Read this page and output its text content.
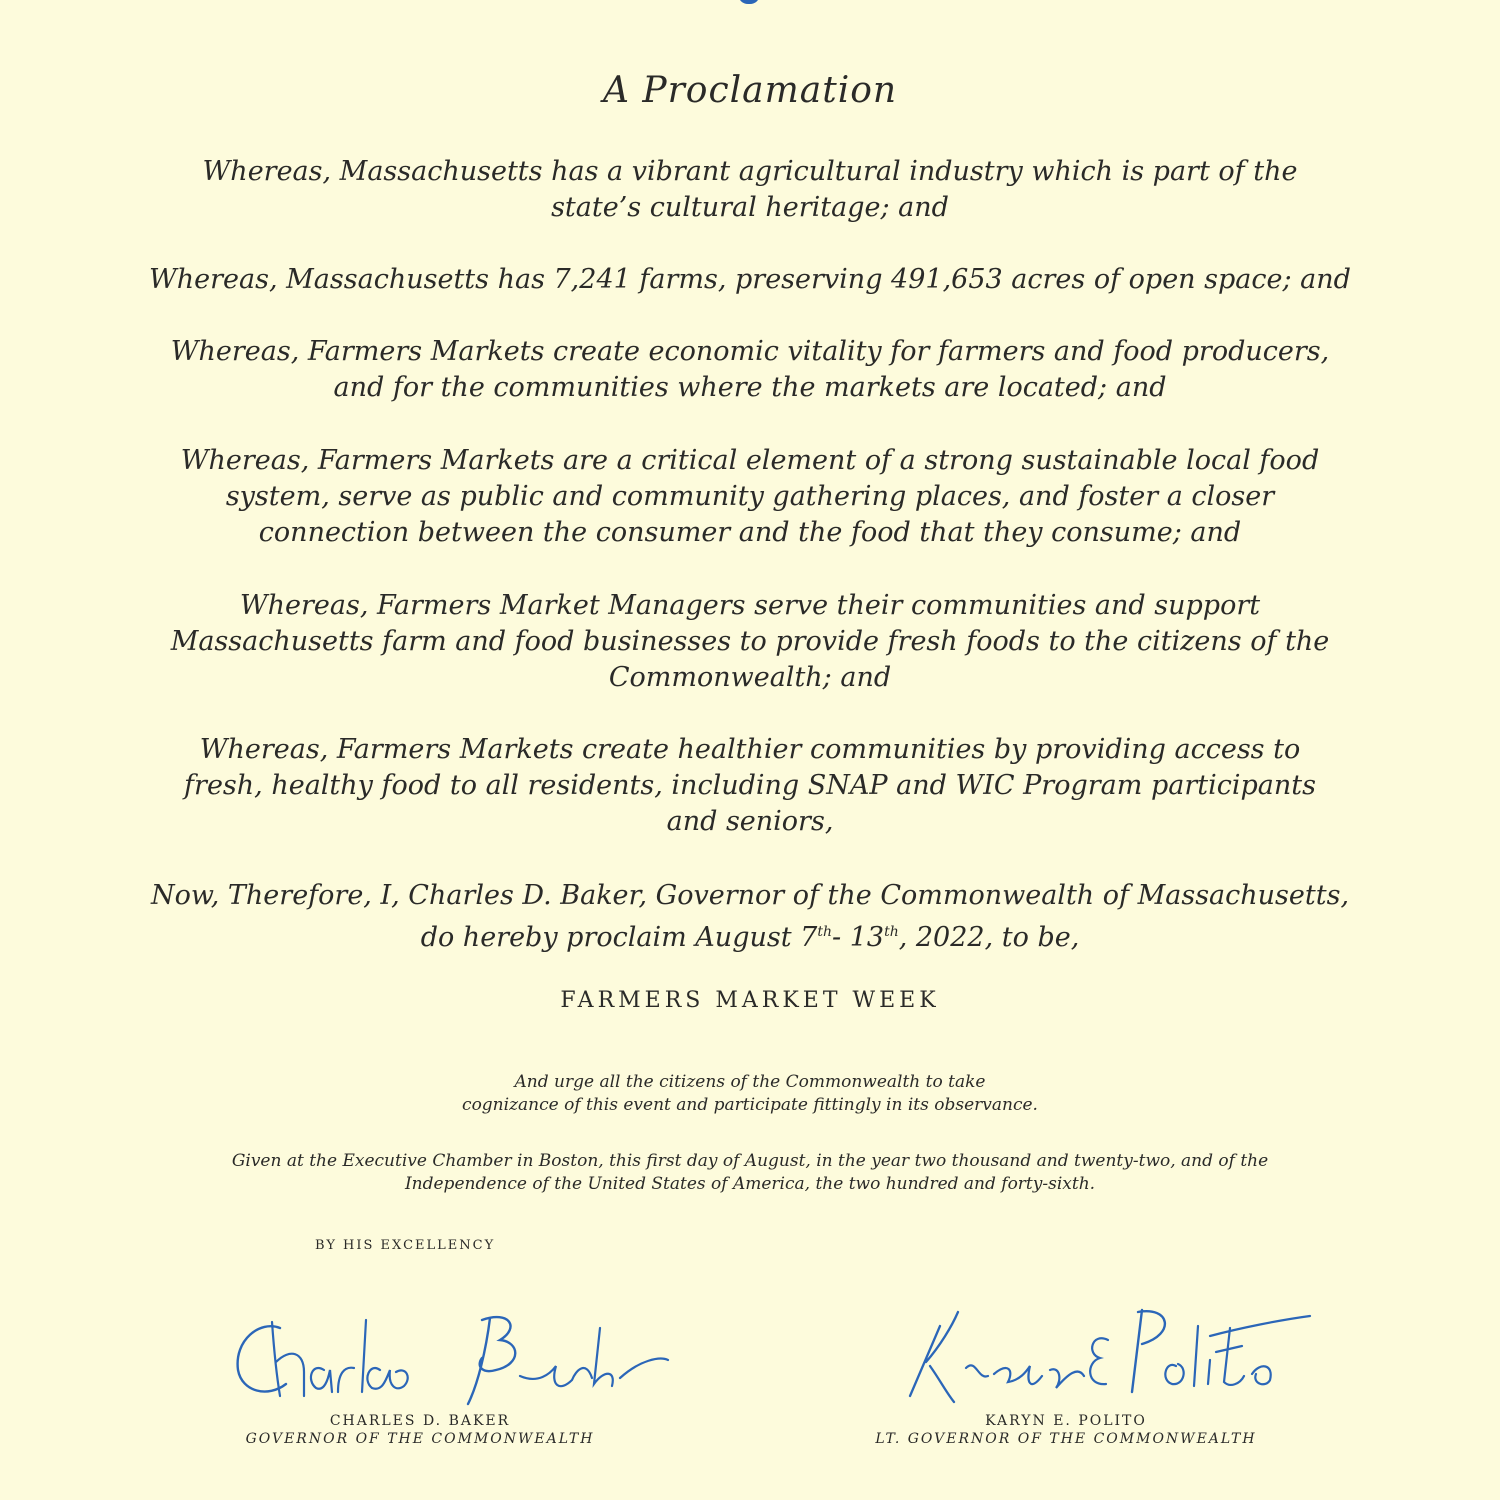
A Proclamation
Whereas, Massachusetts has a vibrant agricultural industry which is part of the
state’s cultural heritage; and
Whereas, Massachusetts has 7,241 farms, preserving 491,653 acres of open space; and
Whereas, Farmers Markets create economic vitality for farmers and food producers,
and for the communities where the markets are located; and
Whereas, Farmers Markets are a critical element of a strong sustainable local food
system, serve as public and community gathering places, and foster a closer
connection between the consumer and the food that they consume; and
Whereas, Farmers Market Managers serve their communities and support
Massachusetts farm and food businesses to provide fresh foods to the citizens of the
Commonwealth; and
Whereas, Farmers Markets create healthier communities by providing access to
fresh, healthy food to all residents, including SNAP and WIC Program participants
and seniors,
Now, Therefore, I, Charles D. Baker, Governor of the Commonwealth of Massachusetts,
do hereby proclaim August 7th- 13th, 2022, to be,
FARMERS MARKET WEEK
And urge all the citizens of the Commonwealth to take
cognizance of this event and participate fittingly in its observance.
Given at the Executive Chamber in Boston, this first day of August, in the year two thousand and twenty-two, and of the
Independence of the United States of America, the two hundred and forty-sixth.
BY HIS EXCELLENCY
CHARLES D. BAKER
GOVERNOR OF THE COMMONWEALTH
KARYN E. POLITO
LT. GOVERNOR OF THE COMMONWEALTH
